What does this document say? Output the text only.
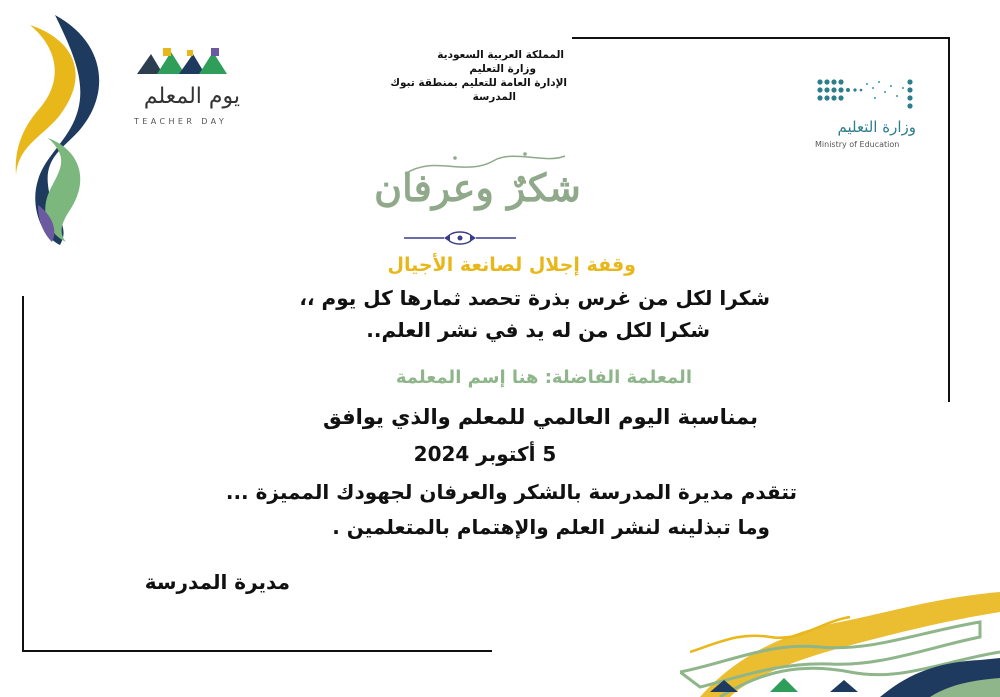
يوم المعلم
TEACHER DAY
المملكة العربية السعودية
وزارة التعليم
الإدارة العامة للتعليم بمنطقة تبوك
المدرسة
وزارة التعليم
Ministry of Education
شكرٌ وعرفان
وقفة إجلال لصانعة الأجيال
شكرا لكل من غرس بذرة تحصد ثمارها كل يوم ،،
شكرا لكل من له يد في نشر العلم..
المعلمة الفاضلة: هنا إسم المعلمة
بمناسبة اليوم العالمي للمعلم والذي يوافق
5 أكتوبر 2024
تتقدم مديرة المدرسة بالشكر والعرفان لجهودك المميزة ...
وما تبذلينه لنشر العلم والإهتمام بالمتعلمين .
مديرة المدرسة
